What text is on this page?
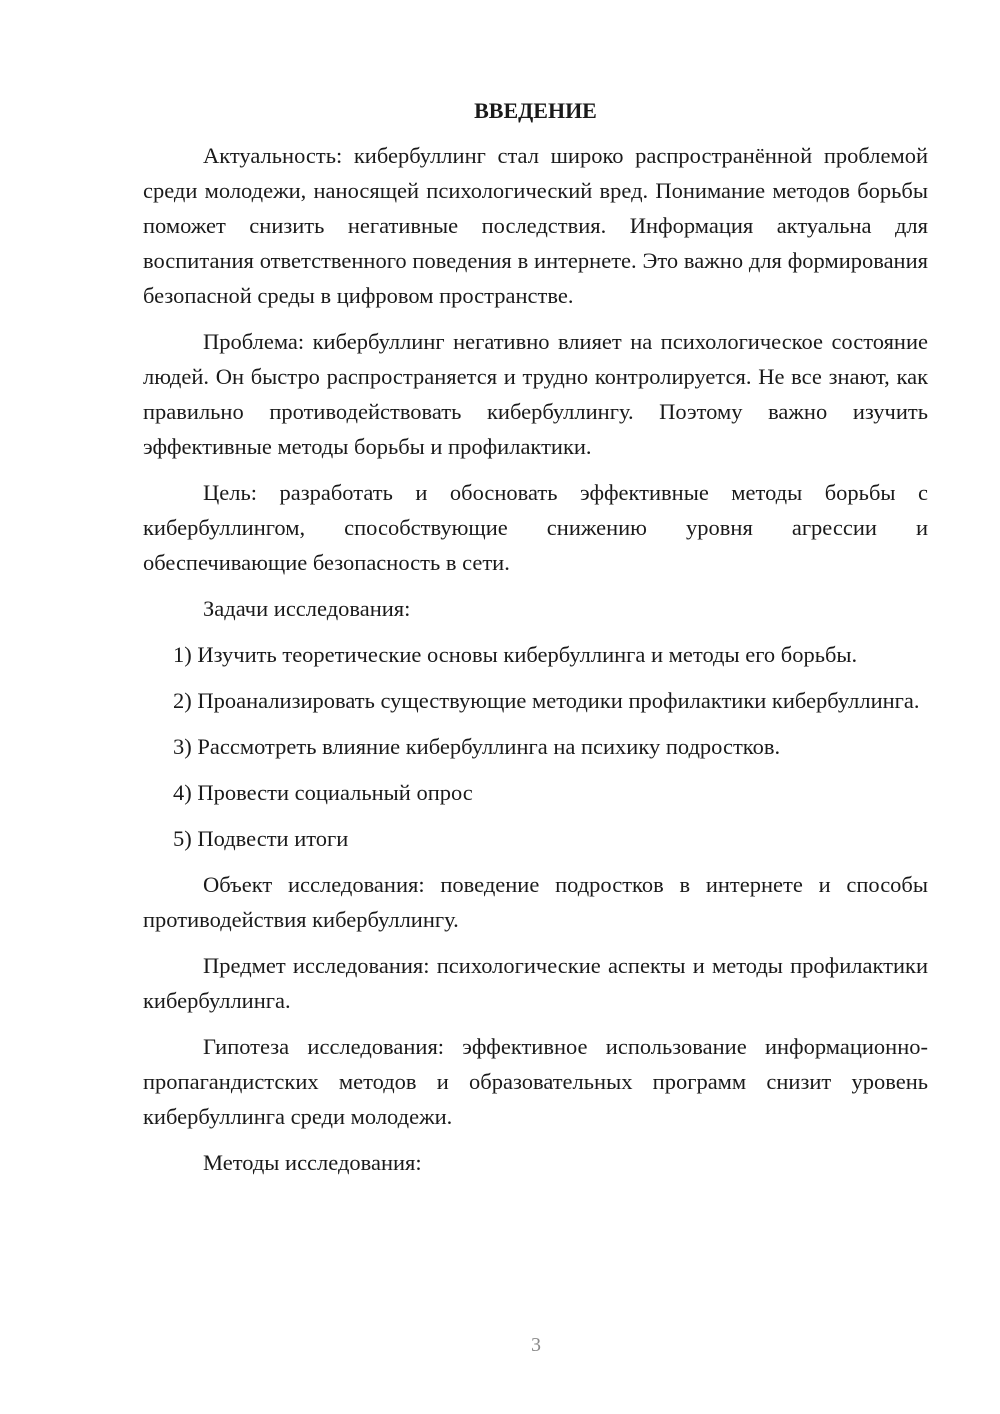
ВВЕДЕНИЕ

Актуальность: кибербуллинг стал широко распространённой проблемой среди молодежи, наносящей психологический вред. Понимание методов борьбы поможет снизить негативные последствия. Информация актуальна для воспитания ответственного поведения в интернете. Это важно для формирования безопасной среды в цифровом пространстве.

Проблема: кибербуллинг негативно влияет на психологическое состояние людей. Он быстро распространяется и трудно контролируется. Не все знают, как правильно противодействовать кибербуллингу. Поэтому важно изучить эффективные методы борьбы и профилактики.

Цель: разработать и обосновать эффективные методы борьбы с кибербуллингом, способствующие снижению уровня агрессии и обеспечивающие безопасность в сети.

Задачи исследования:

1) Изучить теоретические основы кибербуллинга и методы его борьбы.

2) Проанализировать существующие методики профилактики кибербуллинга.

3) Рассмотреть влияние кибербуллинга на психику подростков.

4) Провести социальный опрос

5) Подвести итоги

Объект исследования: поведение подростков в интернете и способы противодействия кибербуллингу.

Предмет исследования: психологические аспекты и методы профилактики кибербуллинга.

Гипотеза исследования: эффективное использование информационно-пропагандистских методов и образовательных программ снизит уровень кибербуллинга среди молодежи.

Методы исследования:

3
